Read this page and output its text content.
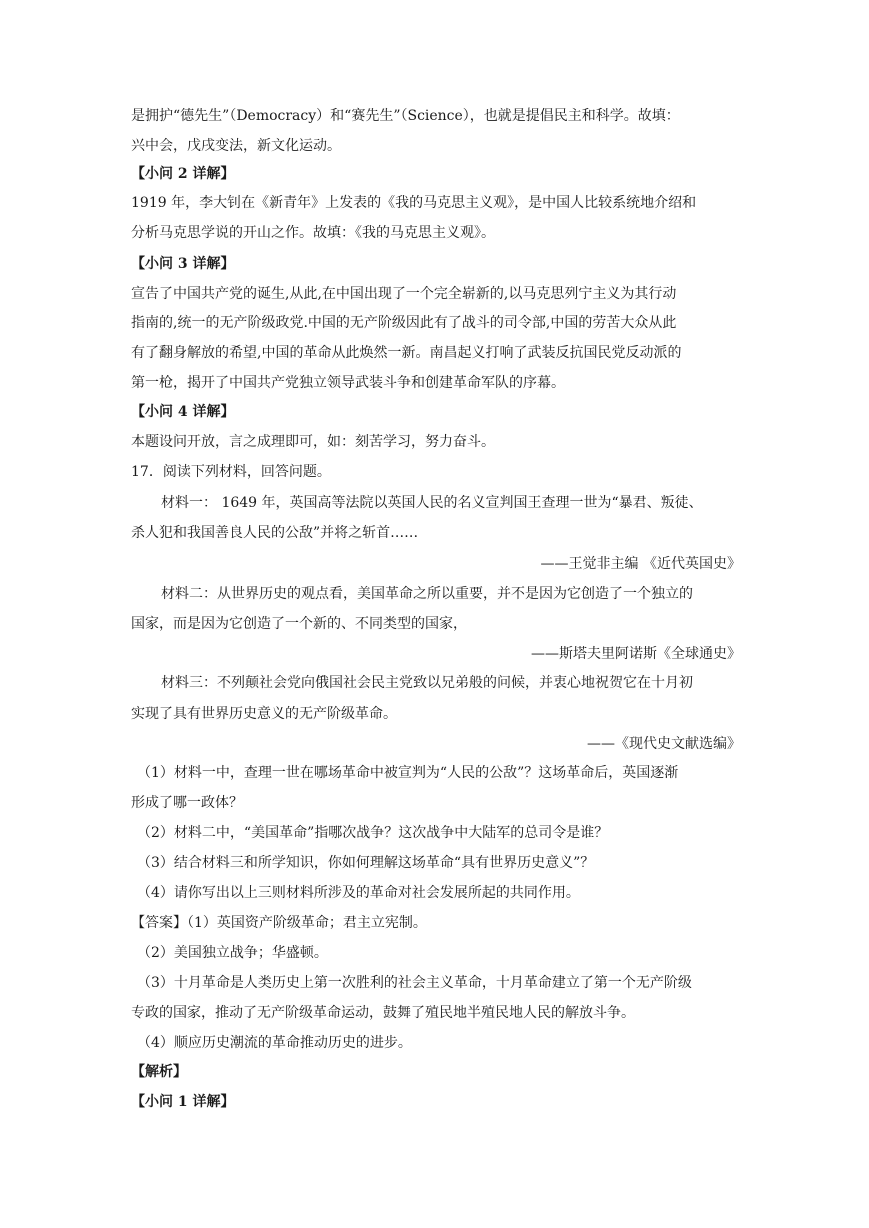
是拥护“德先生”（Democracy）和“赛先生”（Science），也就是提倡民主和科学。故填：
兴中会，戊戌变法，新文化运动。
【小问 2 详解】
1919 年，李大钊在《新青年》上发表的《我的马克思主义观》，是中国人比较系统地介绍和
分析马克思学说的开山之作。故填：《我的马克思主义观》。
【小问 3 详解】
宣告了中国共产党的诞生,从此,在中国出现了一个完全崭新的,以马克思列宁主义为其行动
指南的,统一的无产阶级政党.中国的无产阶级因此有了战斗的司令部,中国的劳苦大众从此
有了翻身解放的希望,中国的革命从此焕然一新。南昌起义打响了武装反抗国民党反动派的
第一枪，揭开了中国共产党独立领导武装斗争和创建革命军队的序幕。
【小问 4 详解】
本题设问开放，言之成理即可，如：刻苦学习，努力奋斗。
17．阅读下列材料，回答问题。
材料一： 1649 年，英国高等法院以英国人民的名义宣判国王查理一世为“暴君、叛徒、
杀人犯和我国善良人民的公敌”并将之斩首……
——王觉非主编 《近代英国史》
材料二：从世界历史的观点看，美国革命之所以重要，并不是因为它创造了一个独立的
国家，而是因为它创造了一个新的、不同类型的国家，
——斯塔夫里阿诺斯《全球通史》
材料三：不列颠社会党向俄国社会民主党致以兄弟般的问候，并衷心地祝贺它在十月初
实现了具有世界历史意义的无产阶级革命。
——《现代史文献选编》
（1）材料一中，查理一世在哪场革命中被宣判为“人民的公敌”？这场革命后，英国逐渐
形成了哪一政体？
（2）材料二中，“美国革命”指哪次战争？这次战争中大陆军的总司令是谁？
（3）结合材料三和所学知识，你如何理解这场革命“具有世界历史意义”？
（4）请你写出以上三则材料所涉及的革命对社会发展所起的共同作用。
【答案】（1）英国资产阶级革命；君主立宪制。
（2）美国独立战争；华盛顿。
（3）十月革命是人类历史上第一次胜利的社会主义革命，十月革命建立了第一个无产阶级
专政的国家，推动了无产阶级革命运动，鼓舞了殖民地半殖民地人民的解放斗争。
（4）顺应历史潮流的革命推动历史的进步。
【解析】
【小问 1 详解】
